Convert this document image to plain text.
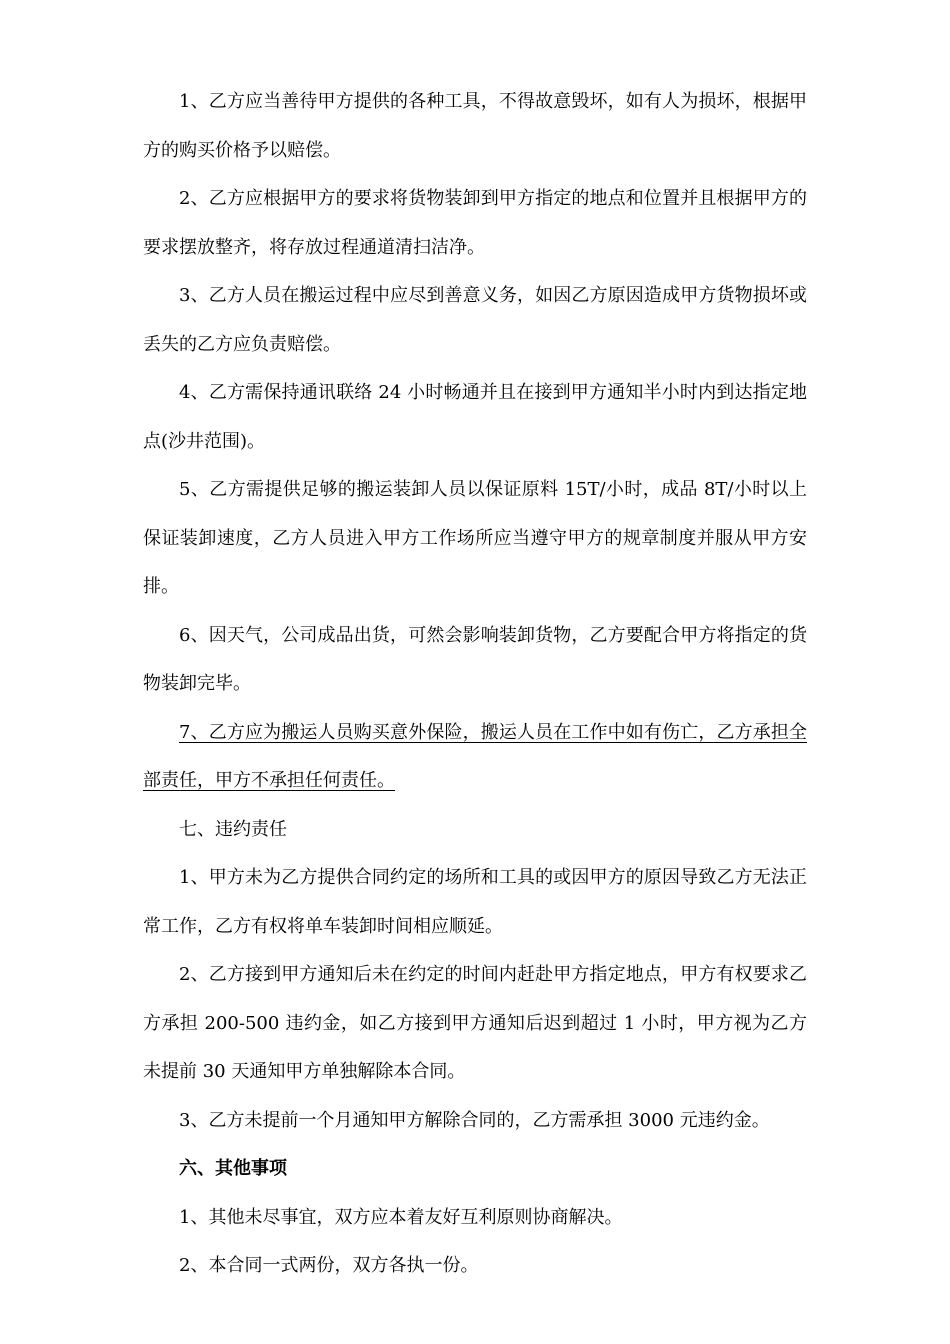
1、乙方应当善待甲方提供的各种工具，不得故意毁坏，如有人为损坏，根据甲方的购买价格予以赔偿。

2、乙方应根据甲方的要求将货物装卸到甲方指定的地点和位置并且根据甲方的要求摆放整齐，将存放过程通道清扫洁净。

3、乙方人员在搬运过程中应尽到善意义务，如因乙方原因造成甲方货物损坏或丢失的乙方应负责赔偿。

4、乙方需保持通讯联络 24 小时畅通并且在接到甲方通知半小时内到达指定地点(沙井范围)。

5、乙方需提供足够的搬运装卸人员以保证原料 15T/小时，成品 8T/小时以上保证装卸速度，乙方人员进入甲方工作场所应当遵守甲方的规章制度并服从甲方安排。

6、因天气，公司成品出货，可然会影响装卸货物，乙方要配合甲方将指定的货物装卸完毕。

7、乙方应为搬运人员购买意外保险，搬运人员在工作中如有伤亡，乙方承担全部责任，甲方不承担任何责任。

七、违约责任

1、甲方未为乙方提供合同约定的场所和工具的或因甲方的原因导致乙方无法正常工作，乙方有权将单车装卸时间相应顺延。

2、乙方接到甲方通知后未在约定的时间内赶赴甲方指定地点，甲方有权要求乙方承担 200-500 违约金，如乙方接到甲方通知后迟到超过 1 小时，甲方视为乙方未提前 30 天通知甲方单独解除本合同。

3、乙方未提前一个月通知甲方解除合同的，乙方需承担 3000 元违约金。

六、其他事项

1、其他未尽事宜，双方应本着友好互利原则协商解决。

2、本合同一式两份，双方各执一份。
